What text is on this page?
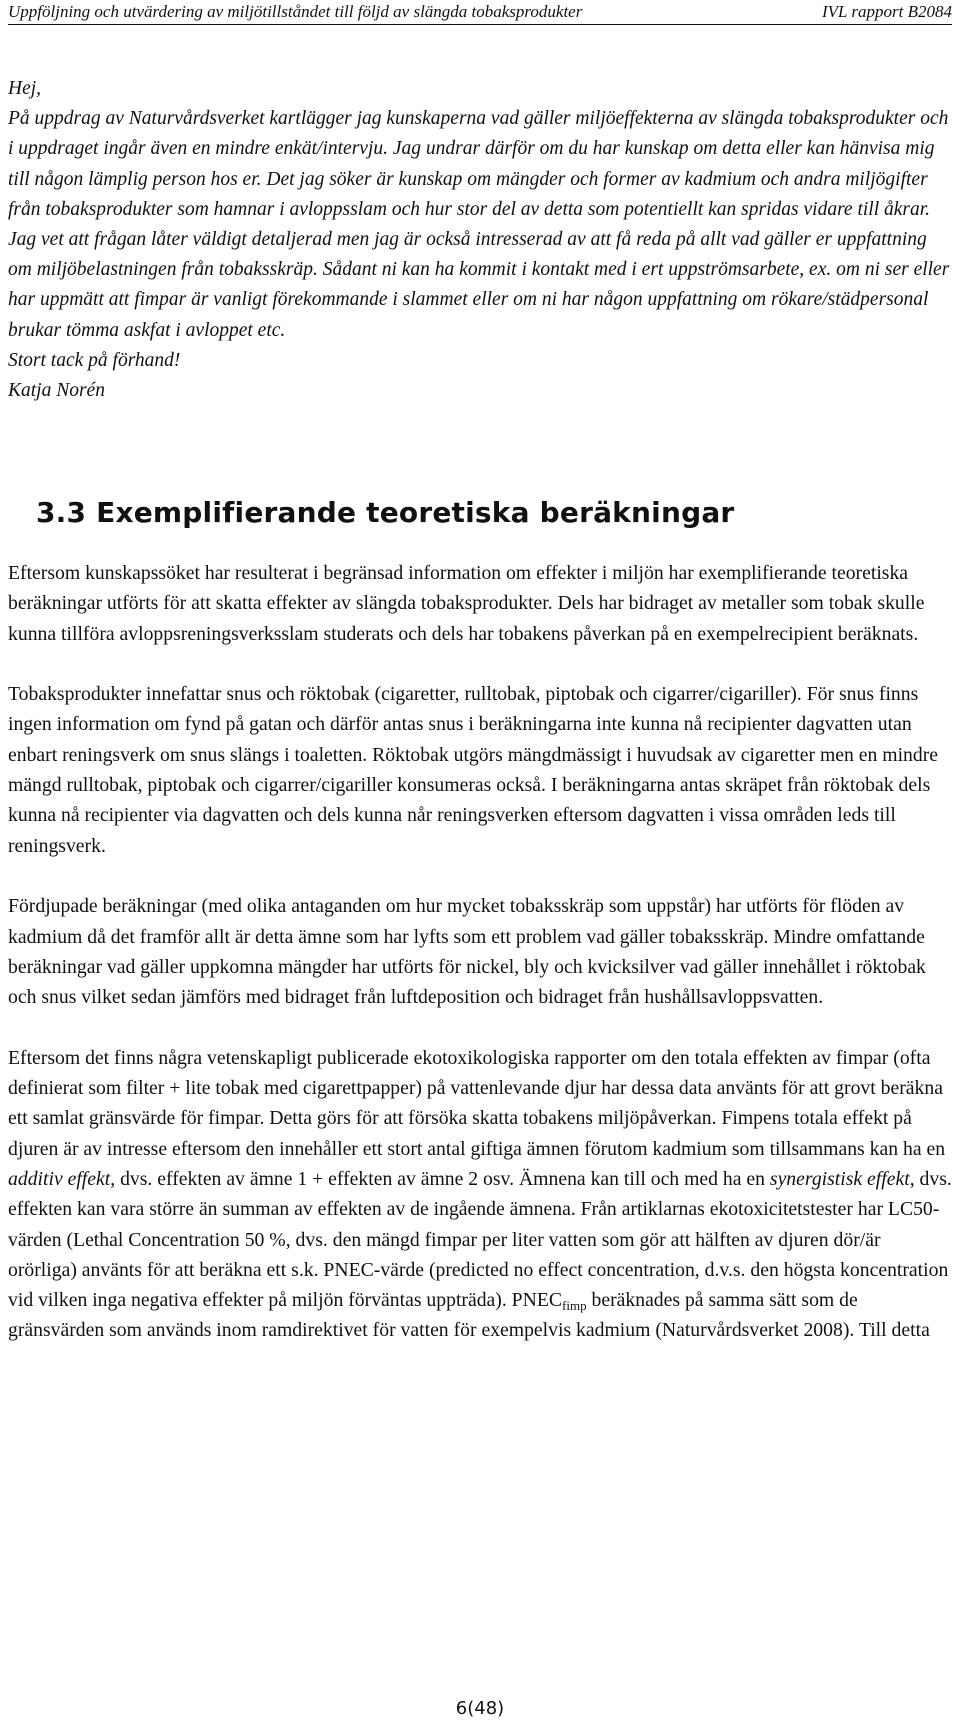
Uppföljning och utvärdering av miljötillståndet till följd av slängda tobaksprodukter	IVL rapport B2084

Hej,

På uppdrag av Naturvårdsverket kartlägger jag kunskaperna vad gäller miljöeffekterna av slängda tobaksprodukter och i uppdraget ingår även en mindre enkät/intervju. Jag undrar därför om du har kunskap om detta eller kan hänvisa mig till någon lämplig person hos er. Det jag söker är kunskap om mängder och former av kadmium och andra miljögifter från tobaksprodukter som hamnar i avloppsslam och hur stor del av detta som potentiellt kan spridas vidare till åkrar. Jag vet att frågan låter väldigt detaljerad men jag är också intresserad av att få reda på allt vad gäller er uppfattning om miljöbelastningen från tobaksskräp. Sådant ni kan ha kommit i kontakt med i ert uppströmsarbete, ex. om ni ser eller har uppmätt att fimpar är vanligt förekommande i slammet eller om ni har någon uppfattning om rökare/städpersonal brukar tömma askfat i avloppet etc.

Stort tack på förhand!

Katja Norén

3.3 Exemplifierande teoretiska beräkningar

Eftersom kunskapssöket har resulterat i begränsad information om effekter i miljön har exemplifierande teoretiska beräkningar utförts för att skatta effekter av slängda tobaksprodukter. Dels har bidraget av metaller som tobak skulle kunna tillföra avloppsreningsverksslam studerats och dels har tobakens påverkan på en exempelrecipient beräknats.

Tobaksprodukter innefattar snus och röktobak (cigaretter, rulltobak, piptobak och cigarrer/cigariller). För snus finns ingen information om fynd på gatan och därför antas snus i beräkningarna inte kunna nå recipienter dagvatten utan enbart reningsverk om snus slängs i toaletten. Röktobak utgörs mängdmässigt i huvudsak av cigaretter men en mindre mängd rulltobak, piptobak och cigarrer/cigariller konsumeras också. I beräkningarna antas skräpet från röktobak dels kunna nå recipienter via dagvatten och dels kunna når reningsverken eftersom dagvatten i vissa områden leds till reningsverk.

Fördjupade beräkningar (med olika antaganden om hur mycket tobaksskräp som uppstår) har utförts för flöden av kadmium då det framför allt är detta ämne som har lyfts som ett problem vad gäller tobaksskräp. Mindre omfattande beräkningar vad gäller uppkomna mängder har utförts för nickel, bly och kvicksilver vad gäller innehållet i röktobak och snus vilket sedan jämförs med bidraget från luftdeposition och bidraget från hushållsavloppsvatten.

Eftersom det finns några vetenskapligt publicerade ekotoxikologiska rapporter om den totala effekten av fimpar (ofta definierat som filter + lite tobak med cigarettpapper) på vattenlevande djur har dessa data använts för att grovt beräkna ett samlat gränsvärde för fimpar. Detta görs för att försöka skatta tobakens miljöpåverkan. Fimpens totala effekt på djuren är av intresse eftersom den innehåller ett stort antal giftiga ämnen förutom kadmium som tillsammans kan ha en additiv effekt, dvs. effekten av ämne 1 + effekten av ämne 2 osv. Ämnena kan till och med ha en synergistisk effekt, dvs. effekten kan vara större än summan av effekten av de ingående ämnena. Från artiklarnas ekotoxicitetstester har LC50-värden (Lethal Concentration 50 %, dvs. den mängd fimpar per liter vatten som gör att hälften av djuren dör/är orörliga) använts för att beräkna ett s.k. PNEC-värde (predicted no effect concentration, d.v.s. den högsta koncentration vid vilken inga negativa effekter på miljön förväntas uppträda). $PNEC_{fimp}$ beräknades på samma sätt som de gränsvärden som används inom ramdirektivet för vatten för exempelvis kadmium (Naturvårdsverket 2008). Till detta

6(48)
